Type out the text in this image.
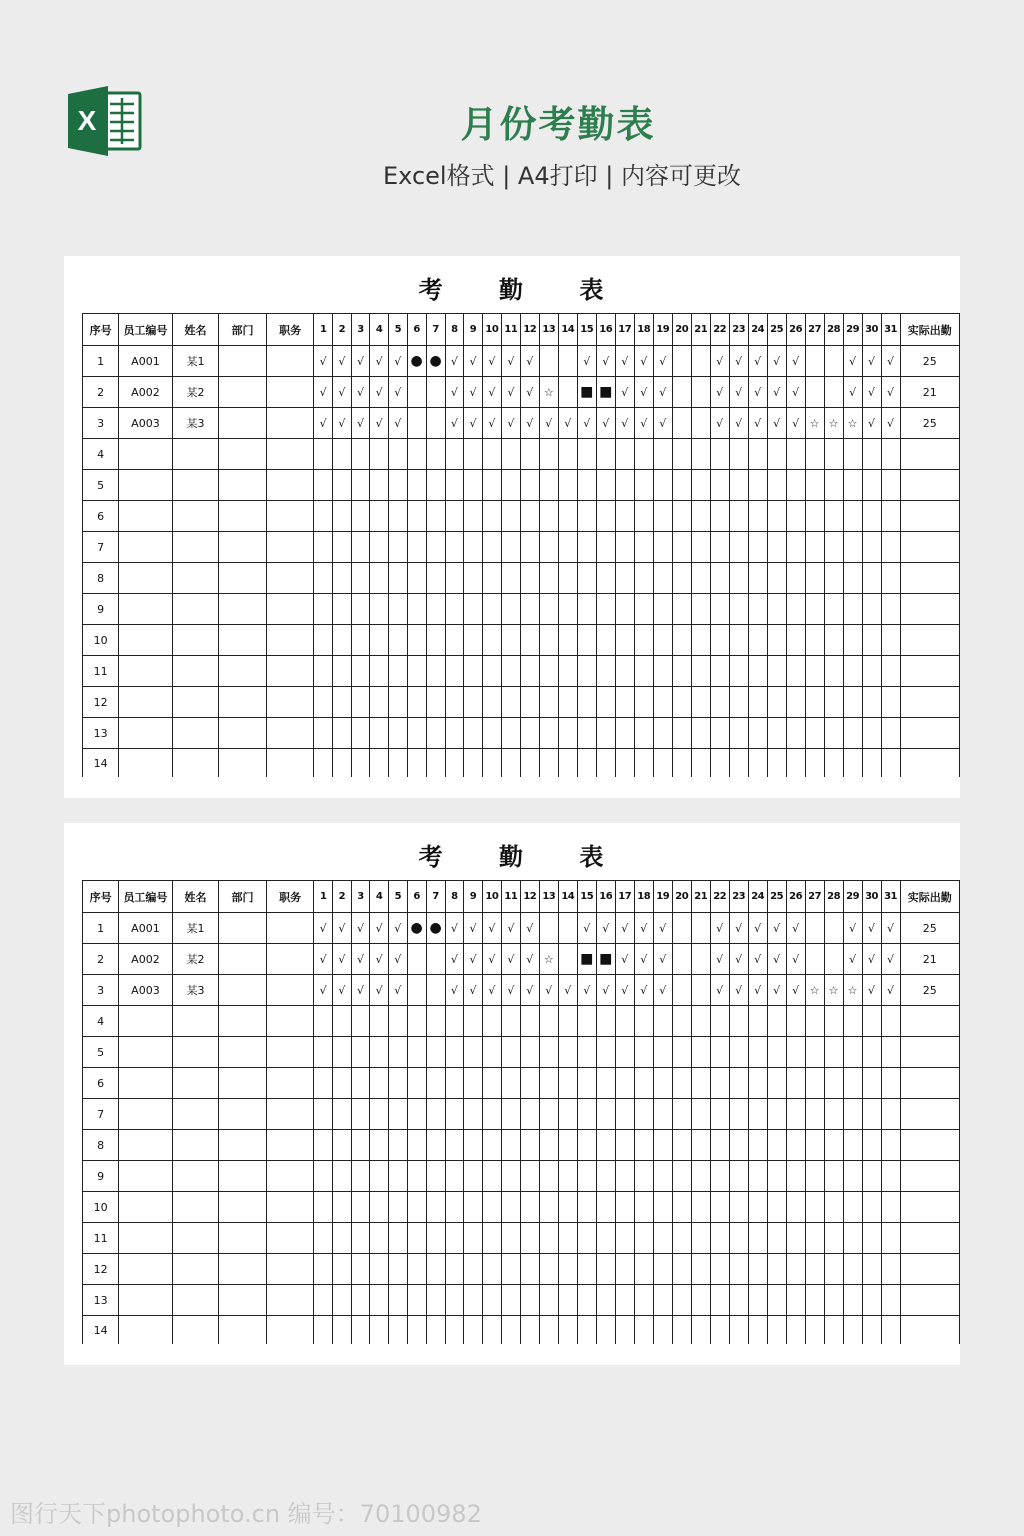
X	月份考勤表
Excel格式 | A4打印 | 内容可更改
考 勤 表
序号	员工编号	姓名	部门	职务	1	2	3	4	5	6	7	8	9	10	11	12	13	14	15	16	17	18	19	20	21	22	23	24	25	26	27	28	29	30	31	实际出勤
1	A001	某1			√	√	√	√	√	●	●	√	√	√	√	√			√	√	√	√	√			√	√	√	√	√			√	√	√	25
2	A002	某2			√	√	√	√	√			√	√	√	√	√	☆		■	■	√	√	√			√	√	√	√	√			√	√	√	21
3	A003	某3			√	√	√	√	√			√	√	√	√	√	√	√	√	√	√	√	√			√	√	√	√	√	☆	☆	☆	√	√	25
4																																				
5																																				
6																																				
7																																				
8																																				
9																																				
10																																				
11																																				
12																																				
13																																				
14																																				
考 勤 表
序号	员工编号	姓名	部门	职务	1	2	3	4	5	6	7	8	9	10	11	12	13	14	15	16	17	18	19	20	21	22	23	24	25	26	27	28	29	30	31	实际出勤
1	A001	某1			√	√	√	√	√	●	●	√	√	√	√	√			√	√	√	√	√			√	√	√	√	√			√	√	√	25
2	A002	某2			√	√	√	√	√			√	√	√	√	√	☆		■	■	√	√	√			√	√	√	√	√			√	√	√	21
3	A003	某3			√	√	√	√	√			√	√	√	√	√	√	√	√	√	√	√	√			√	√	√	√	√	☆	☆	☆	√	√	25
4																																				
5																																				
6																																				
7																																				
8																																				
9																																				
10																																				
11																																				
12																																				
13																																				
14																																				
图行天下photophoto.cn 编号：70100982
